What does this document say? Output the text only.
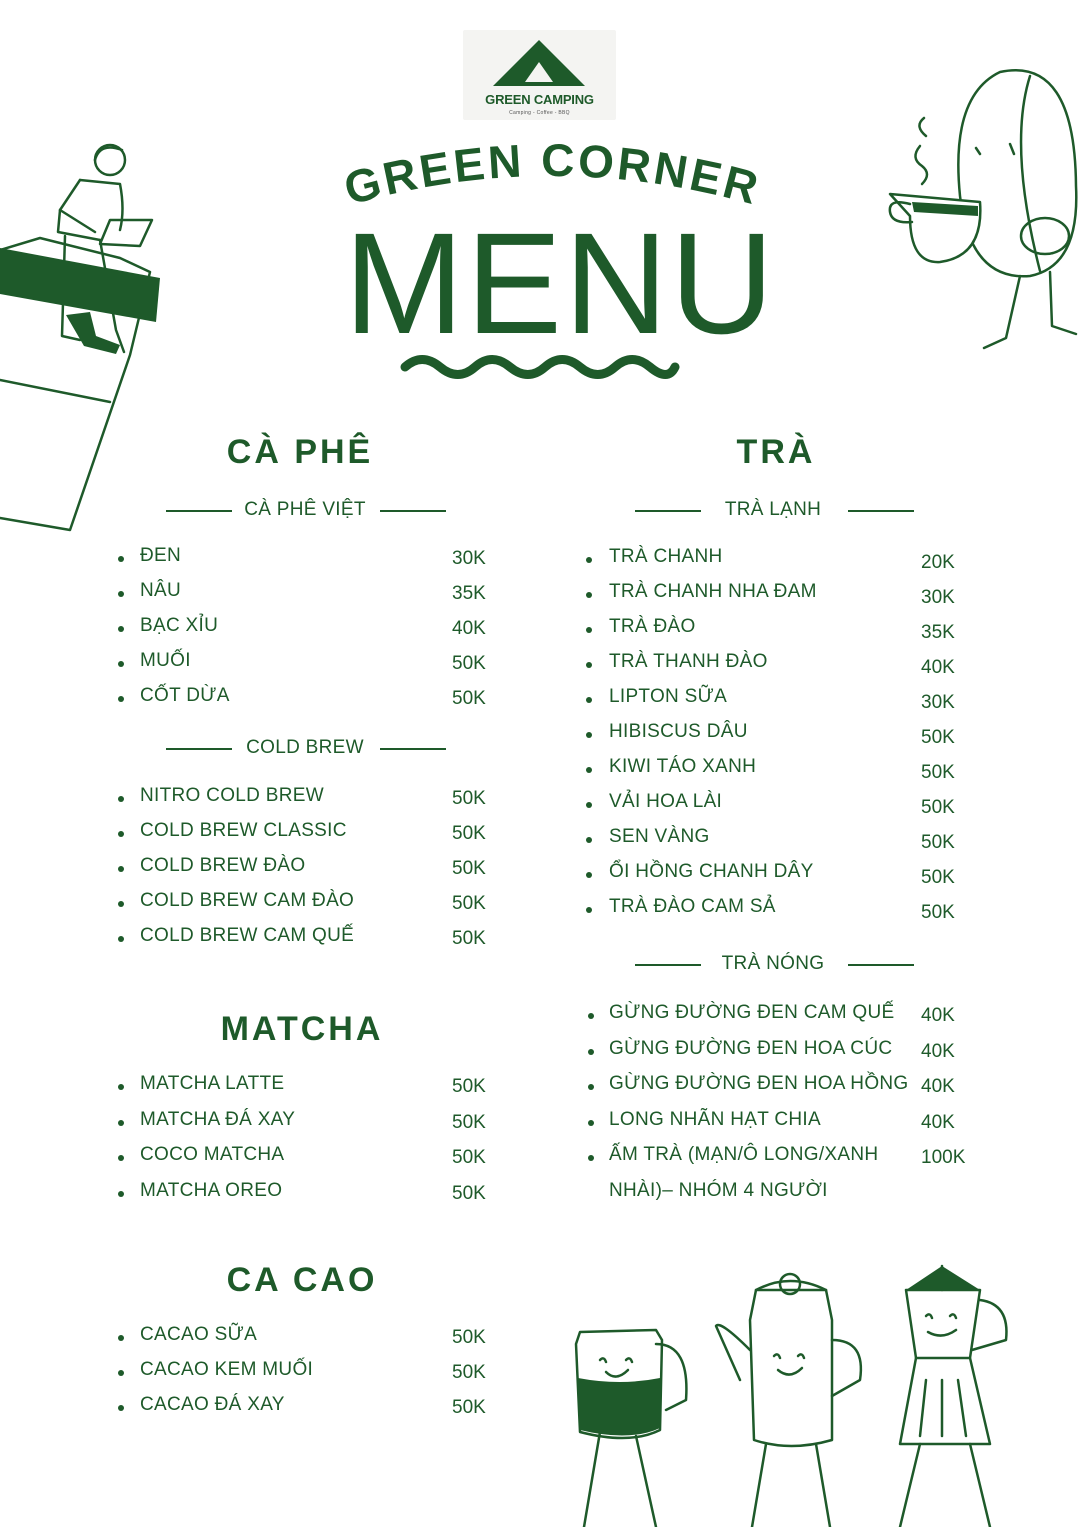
GREEN CAMPING
Camping - Coffee - BBQ
GREEN CORNER
MENU
CÀ PHÊ
CÀ PHÊ VIỆT
ĐEN	30K
NÂU	35K
BẠC XỈU	40K
MUỐI	50K
CỐT DỪA	50K
COLD BREW
NITRO COLD BREW	50K
COLD BREW CLASSIC	50K
COLD BREW ĐÀO	50K
COLD BREW CAM ĐÀO	50K
COLD BREW CAM QUẾ	50K
MATCHA
MATCHA LATTE	50K
MATCHA ĐÁ XAY	50K
COCO MATCHA	50K
MATCHA OREO	50K
CA CAO
CACAO SỮA	50K
CACAO KEM MUỐI	50K
CACAO ĐÁ XAY	50K
TRÀ
TRÀ LẠNH
TRÀ CHANH	20K
TRÀ CHANH NHA ĐAM	30K
TRÀ ĐÀO	35K
TRÀ THANH ĐÀO	40K
LIPTON SỮA	30K
HIBISCUS DÂU	50K
KIWI TÁO XANH	50K
VẢI HOA LÀI	50K
SEN VÀNG	50K
ỔI HỒNG CHANH DÂY	50K
TRÀ ĐÀO CAM SẢ	50K
TRÀ NÓNG
GỪNG ĐƯỜNG ĐEN CAM QUẾ 40K
GỪNG ĐƯỜNG ĐEN HOA CÚC 40K
GỪNG ĐƯỜNG ĐEN HOA HỒNG 40K
LONG NHÃN HẠT CHIA	40K
ẤM TRÀ (MẠN/Ô LONG/XANH 100K
NHÀI)– NHÓM 4 NGƯỜI
